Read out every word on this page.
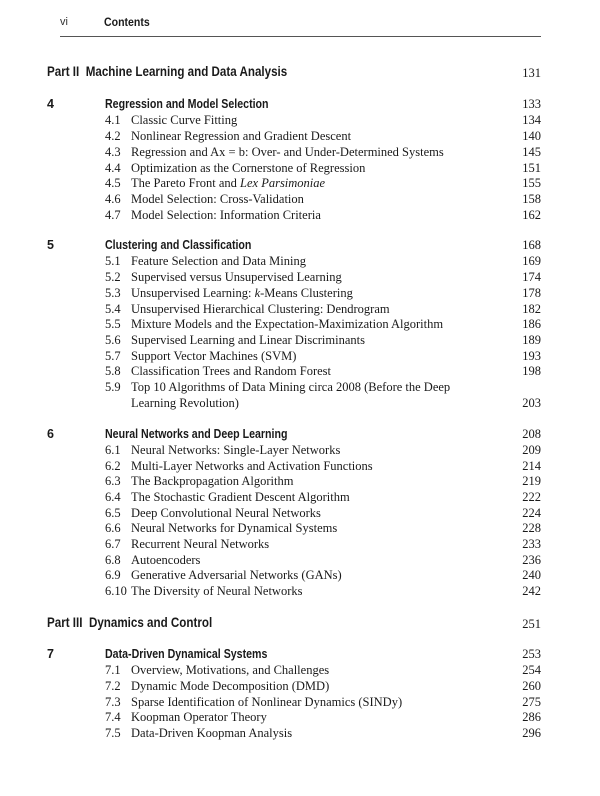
vi	Contents
Part II Machine Learning and Data Analysis	131
4	Regression and Model Selection	133
4.1 Classic Curve Fitting	134
4.2 Nonlinear Regression and Gradient Descent	140
4.3 Regression and Ax = b: Over- and Under-Determined Systems	145
4.4 Optimization as the Cornerstone of Regression	151
4.5 The Pareto Front and Lex Parsimoniae	155
4.6 Model Selection: Cross-Validation	158
4.7 Model Selection: Information Criteria	162
5	Clustering and Classification	168
5.1 Feature Selection and Data Mining	169
5.2 Supervised versus Unsupervised Learning	174
5.3 Unsupervised Learning: k-Means Clustering	178
5.4 Unsupervised Hierarchical Clustering: Dendrogram	182
5.5 Mixture Models and the Expectation-Maximization Algorithm	186
5.6 Supervised Learning and Linear Discriminants	189
5.7 Support Vector Machines (SVM)	193
5.8 Classification Trees and Random Forest	198
5.9 Top 10 Algorithms of Data Mining circa 2008 (Before the Deep
Learning Revolution)	203
6	Neural Networks and Deep Learning	208
6.1 Neural Networks: Single-Layer Networks	209
6.2 Multi-Layer Networks and Activation Functions	214
6.3 The Backpropagation Algorithm	219
6.4 The Stochastic Gradient Descent Algorithm	222
6.5 Deep Convolutional Neural Networks	224
6.6 Neural Networks for Dynamical Systems	228
6.7 Recurrent Neural Networks	233
6.8 Autoencoders	236
6.9 Generative Adversarial Networks (GANs)	240
6.10 The Diversity of Neural Networks	242
Part III Dynamics and Control	251
7	Data-Driven Dynamical Systems	253
7.1 Overview, Motivations, and Challenges	254
7.2 Dynamic Mode Decomposition (DMD)	260
7.3 Sparse Identification of Nonlinear Dynamics (SINDy)	275
7.4 Koopman Operator Theory	286
7.5 Data-Driven Koopman Analysis	296
